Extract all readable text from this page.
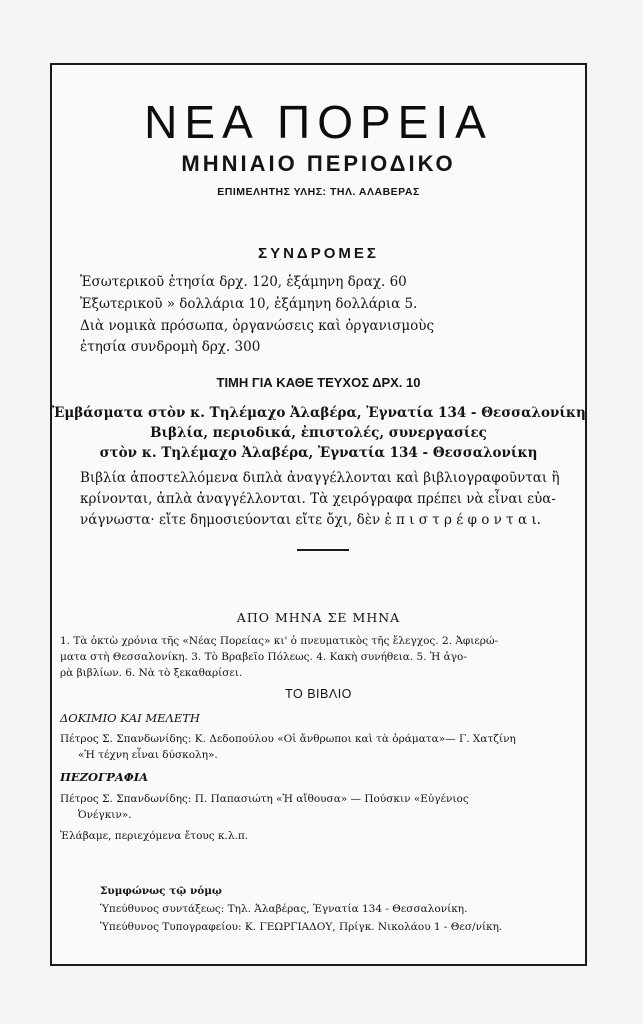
ΝΕΑ ΠΟΡΕΙΑ
ΜΗΝΙΑΙΟ ΠΕΡΙΟΔΙΚΟ
ΕΠΙΜΕΛΗΤΗΣ ΥΛΗΣ: ΤΗΛ. ΑΛΑΒΕΡΑΣ
ΣΥΝΔΡΟΜΕΣ
Ἐσωτερικοῦ ἐτησία δρχ. 120, ἑξάμηνη δραχ. 60
Ἐξωτερικοῦ » δολλάρια 10, ἑξάμηνη δολλάρια 5.
Διὰ νομικὰ πρόσωπα, ὀργανώσεις καὶ ὀργανισμοὺς
ἐτησία συνδρομὴ δρχ. 300
ΤΙΜΗ ΓΙΑ ΚΑΘΕ ΤΕΥΧΟΣ ΔΡΧ. 10
Ἐμβάσματα στὸν κ. Τηλέμαχο Ἀλαβέρα, Ἐγνατία 134 - Θεσσαλονίκη
Βιβλία, περιοδικά, ἐπιστολές, συνεργασίες
στὸν κ. Τηλέμαχο Ἀλαβέρα, Ἐγνατία 134 - Θεσσαλονίκη
Βιβλία ἀποστελλόμενα διπλὰ ἀναγγέλλονται καὶ βιβλιογραφοῦνται ἢ
κρίνονται, ἁπλὰ ἀναγγέλλονται. Τὰ χειρόγραφα πρέπει νὰ εἶναι εὐα-
νάγνωστα· εἴτε δημοσιεύονται εἴτε ὄχι, δὲν ἐ π ι σ τ ρ έ φ ο ν τ α ι.
ΑΠΟ ΜΗΝΑ ΣΕ ΜΗΝΑ
1. Τὰ ὀκτὼ χρόνια τῆς «Νέας Πορείας» κι' ὁ πνευματικὸς τῆς ἔλεγχος. 2. Ἀφιερώ-
ματα στὴ Θεσσαλονίκη. 3. Τὸ Βραβεῖο Πόλεως. 4. Κακὴ συνήθεια. 5. Ἡ ἀγο-
ρὰ βιβλίων. 6. Νὰ τὸ ξεκαθαρίσει.
ΤΟ ΒΙΒΛΙΟ
ΔΟΚΙΜΙΟ ΚΑΙ ΜΕΛΕΤΗ
Πέτρος Σ. Σπανδωνίδης: Κ. Δεδοπούλου «Οἱ ἄνθρωποι καὶ τὰ ὁράματα»— Γ. Χατζίνη
«Ἡ τέχνη εἶναι δύσκολη».
ΠΕΖΟΓΡΑΦΙΑ
Πέτρος Σ. Σπανδωνίδης: Π. Παπασιώτη «Ἡ αἴθουσα» — Πούσκιν «Εὐγένιος
Ὀνέγκιν».
Ἐλάβαμε, περιεχόμενα ἔτους κ.λ.π.
Συμφώνως τῷ νόμῳ
Ὑπεύθυνος συντάξεως: Τηλ. Ἀλαβέρας, Ἐγνατία 134 - Θεσσαλονίκη.
Ὑπεύθυνος Τυπογραφείου: Κ. ΓΕΩΡΓΙΑΔΟΥ, Πρίγκ. Νικολάου 1 - Θεσ/νίκη.
